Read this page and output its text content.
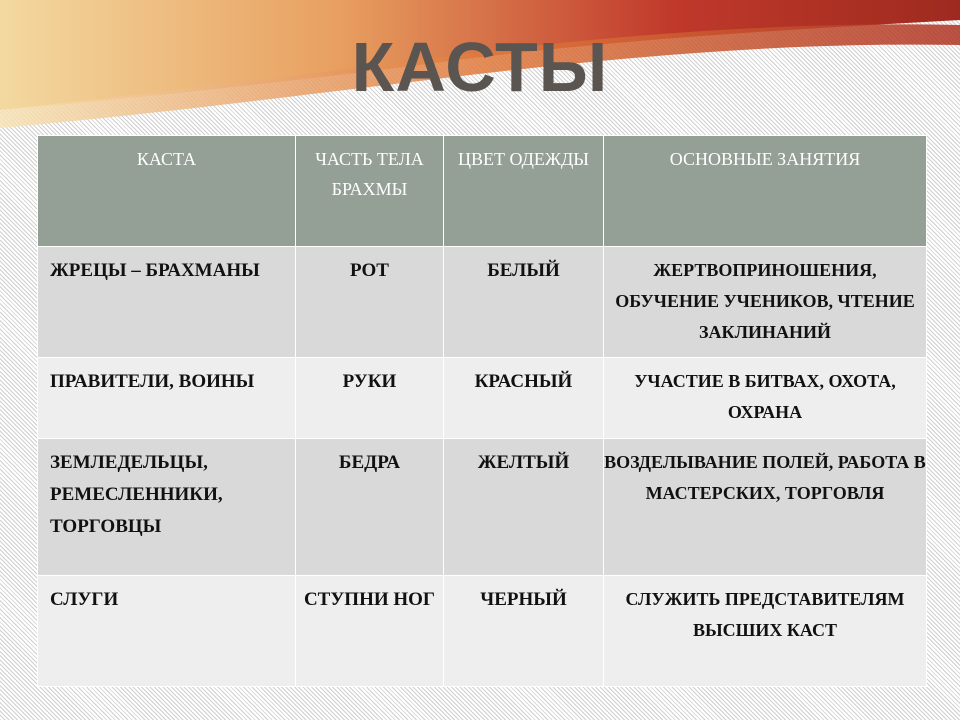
КАСТЫ
КАСТА	ЧАСТЬ ТЕЛА БРАХМЫ	ЦВЕТ ОДЕЖДЫ	ОСНОВНЫЕ ЗАНЯТИЯ
ЖРЕЦЫ – БРАХМАНЫ	РОТ	БЕЛЫЙ	ЖЕРТВОПРИНОШЕНИЯ, ОБУЧЕНИЕ УЧЕНИКОВ, ЧТЕНИЕ ЗАКЛИНАНИЙ
ПРАВИТЕЛИ, ВОИНЫ	РУКИ	КРАСНЫЙ	УЧАСТИЕ В БИТВАХ, ОХОТА, ОХРАНА
ЗЕМЛЕДЕЛЬЦЫ, РЕМЕСЛЕННИКИ, ТОРГОВЦЫ	БЕДРА	ЖЕЛТЫЙ	ВОЗДЕЛЫВАНИЕ ПОЛЕЙ, РАБОТА В МАСТЕРСКИХ, ТОРГОВЛЯ
СЛУГИ	СТУПНИ НОГ	ЧЕРНЫЙ	СЛУЖИТЬ ПРЕДСТАВИТЕЛЯМ ВЫСШИХ КАСТ
